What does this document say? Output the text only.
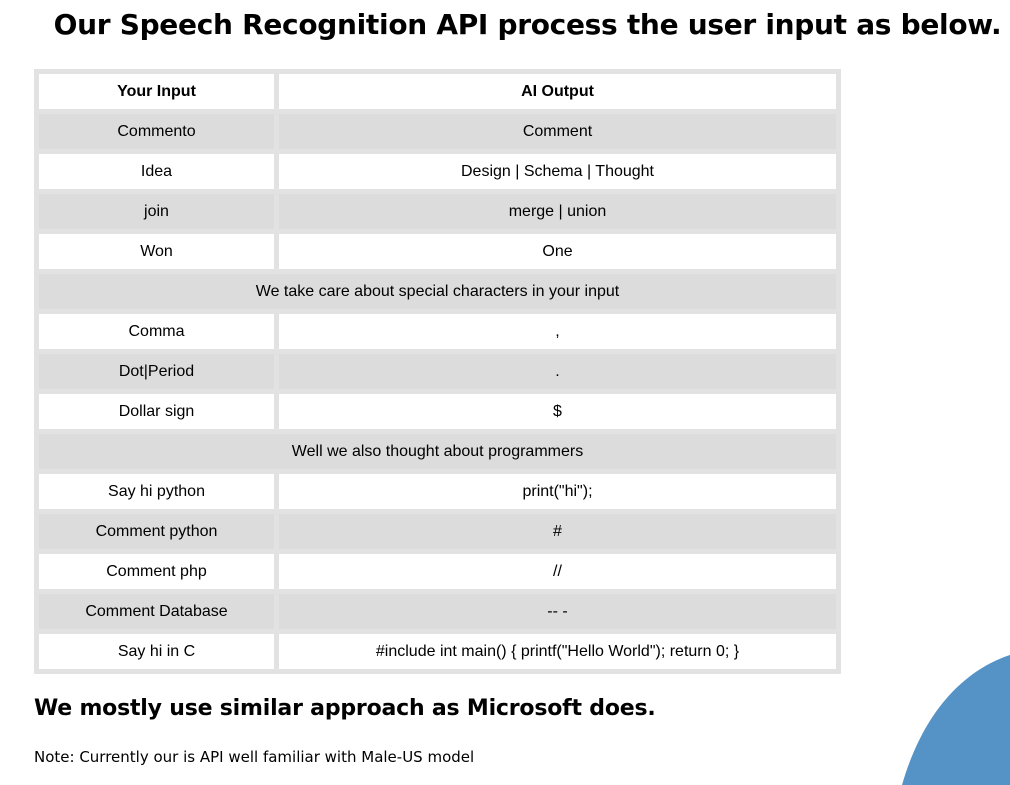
Our Speech Recognition API process the user input as below.
Your Input	AI Output
Commento	Comment
Idea	Design | Schema | Thought
join	merge | union
Won	One
We take care about special characters in your input	
Comma	,
Dot|Period	.
Dollar sign	$
Well we also thought about programmers	
Say hi python	print("hi");
Comment python	#
Comment php	//
Comment Database	-- -
Say hi in C	#include int main() { printf("Hello World"); return 0; }
We mostly use similar approach as Microsoft does.

Note: Currently our is API well familiar with Male-US model
